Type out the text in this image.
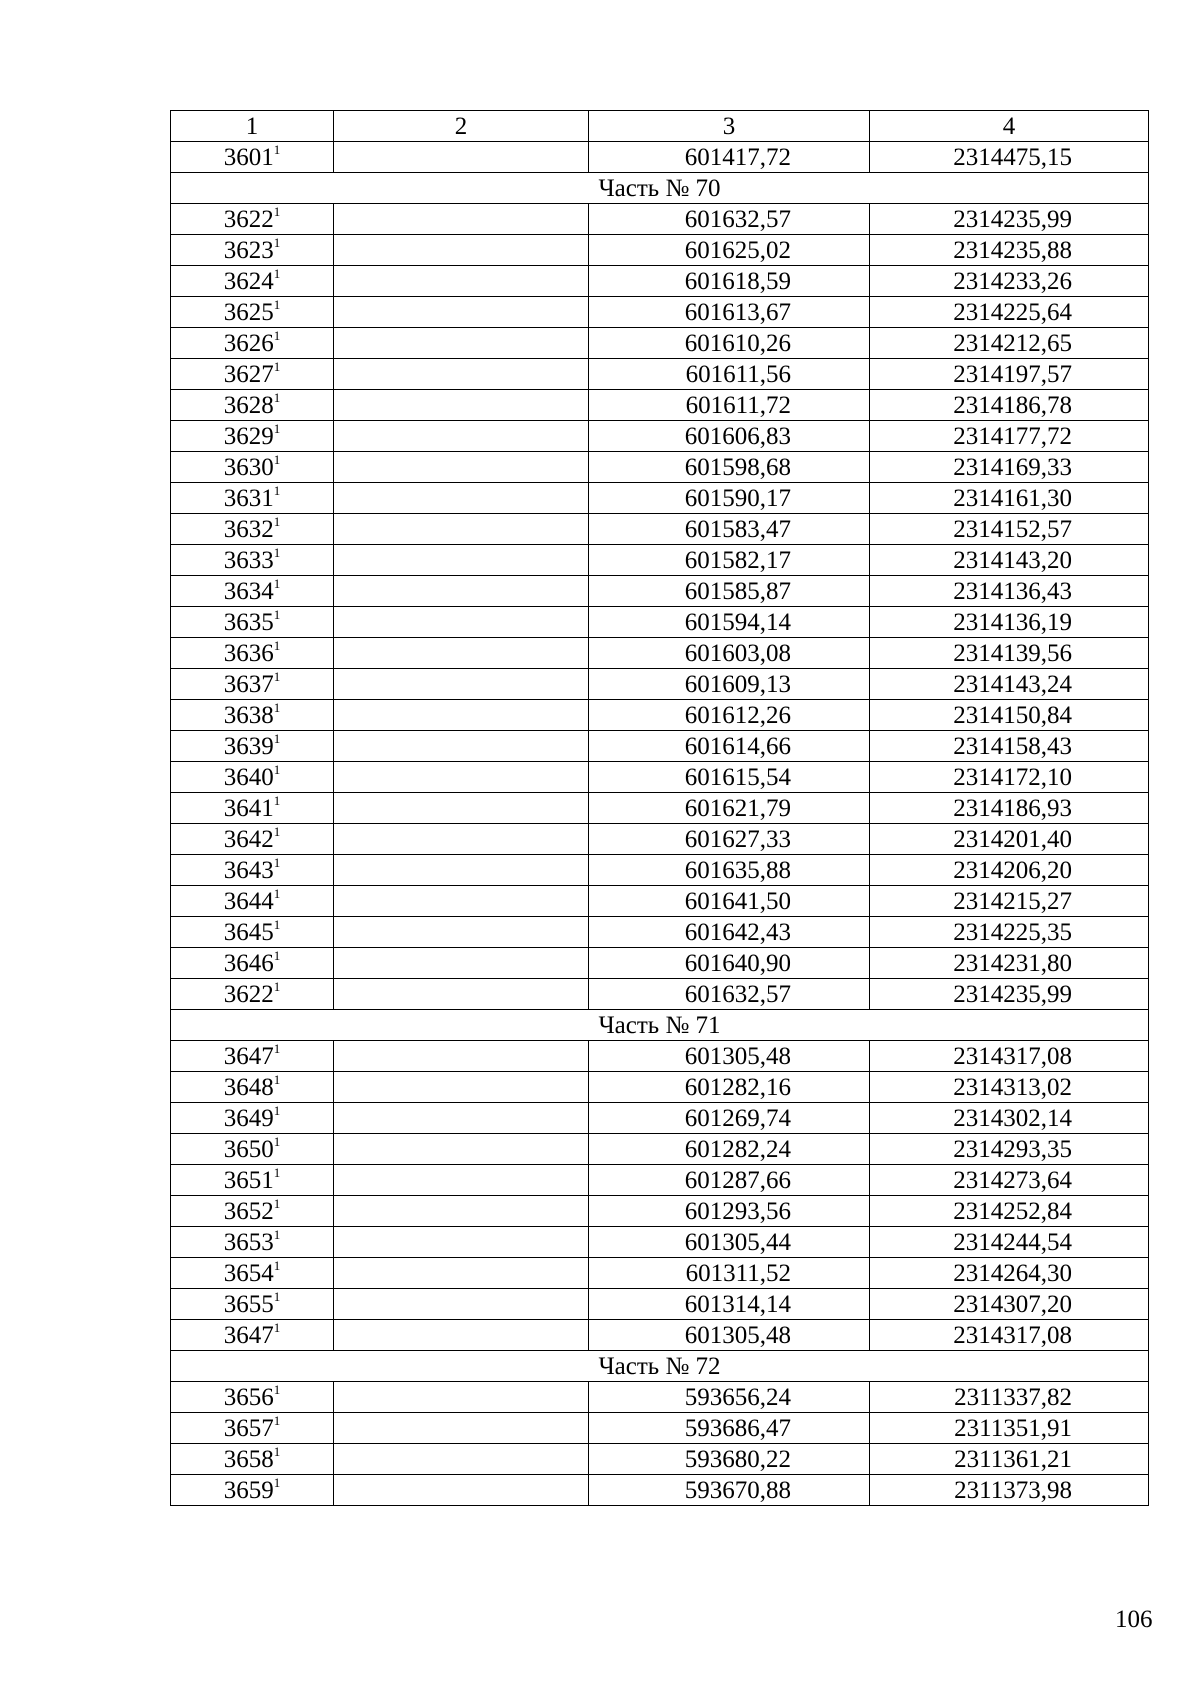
1	2	3	4
3601$^1$		601417,72	2314475,15
Часть № 70			
3622$^1$		601632,57	2314235,99
3623$^1$		601625,02	2314235,88
3624$^1$		601618,59	2314233,26
3625$^1$		601613,67	2314225,64
3626$^1$		601610,26	2314212,65
3627$^1$		601611,56	2314197,57
3628$^1$		601611,72	2314186,78
3629$^1$		601606,83	2314177,72
3630$^1$		601598,68	2314169,33
3631$^1$		601590,17	2314161,30
3632$^1$		601583,47	2314152,57
3633$^1$		601582,17	2314143,20
3634$^1$		601585,87	2314136,43
3635$^1$		601594,14	2314136,19
3636$^1$		601603,08	2314139,56
3637$^1$		601609,13	2314143,24
3638$^1$		601612,26	2314150,84
3639$^1$		601614,66	2314158,43
3640$^1$		601615,54	2314172,10
3641$^1$		601621,79	2314186,93
3642$^1$		601627,33	2314201,40
3643$^1$		601635,88	2314206,20
3644$^1$		601641,50	2314215,27
3645$^1$		601642,43	2314225,35
3646$^1$		601640,90	2314231,80
3622$^1$		601632,57	2314235,99
Часть № 71			
3647$^1$		601305,48	2314317,08
3648$^1$		601282,16	2314313,02
3649$^1$		601269,74	2314302,14
3650$^1$		601282,24	2314293,35
3651$^1$		601287,66	2314273,64
3652$^1$		601293,56	2314252,84
3653$^1$		601305,44	2314244,54
3654$^1$		601311,52	2314264,30
3655$^1$		601314,14	2314307,20
3647$^1$		601305,48	2314317,08
Часть № 72			
3656$^1$		593656,24	2311337,82
3657$^1$		593686,47	2311351,91
3658$^1$		593680,22	2311361,21
3659$^1$		593670,88	2311373,98
106
